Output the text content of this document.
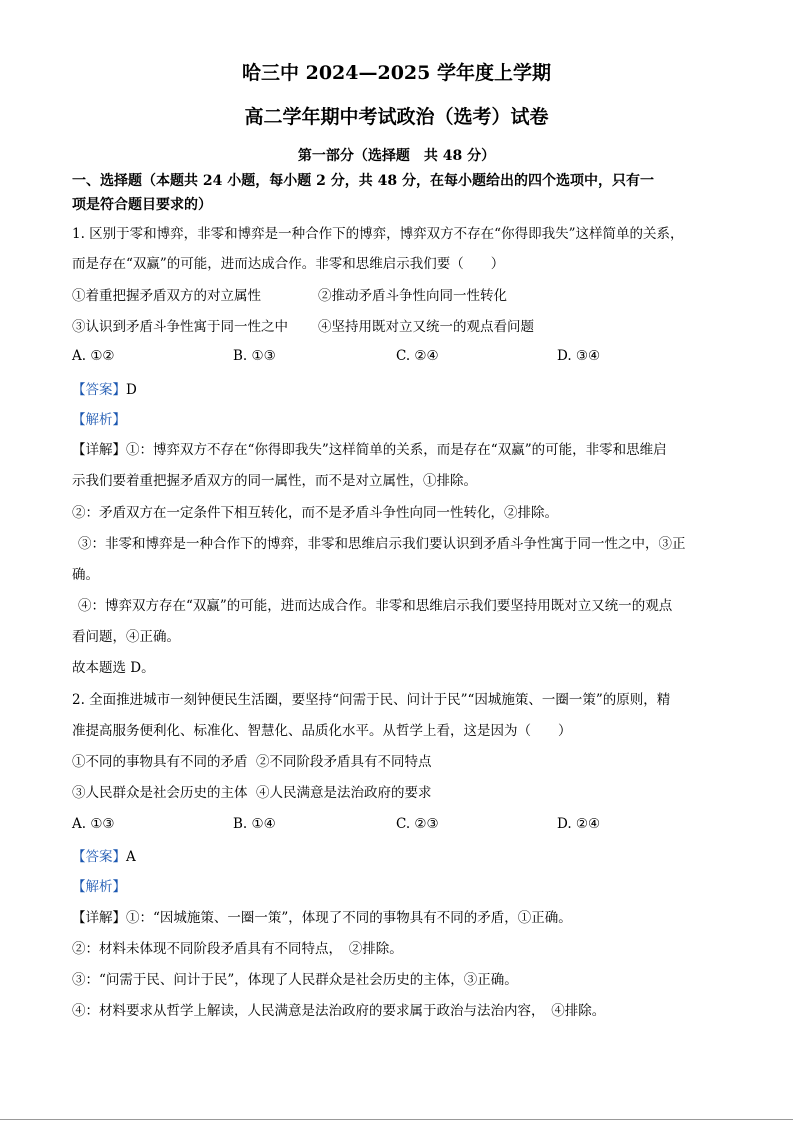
哈三中 2024—2025 学年度上学期
高二学年期中考试政治（选考）试卷
第一部分（选择题　共 48 分）
一、选择题（本题共 24 小题，每小题 2 分，共 48 分，在每小题给出的四个选项中，只有一
项是符合题目要求的）
1. 区别于零和博弈，非零和博弈是一种合作下的博弈，博弈双方不存在“你得即我失”这样简单的关系，
而是存在“双赢”的可能，进而达成合作。非零和思维启示我们要（　　）
①着重把握矛盾双方的对立属性	②推动矛盾斗争性向同一性转化
③认识到矛盾斗争性寓于同一性之中 ④坚持用既对立又统一的观点看问题
A. ①②	B. ①③	C. ②④	D. ③④
【答案】D
【解析】
【详解】①：博弈双方不存在“你得即我失”这样简单的关系，而是存在“双赢”的可能，非零和思维启
示我们要着重把握矛盾双方的同一属性，而不是对立属性，①排除。
②：矛盾双方在一定条件下相互转化，而不是矛盾斗争性向同一性转化，②排除。
③：非零和博弈是一种合作下的博弈，非零和思维启示我们要认识到矛盾斗争性寓于同一性之中，③正
确。
④：博弈双方存在“双赢”的可能，进而达成合作。非零和思维启示我们要坚持用既对立又统一的观点
看问题，④正确。
故本题选 D。
2. 全面推进城市一刻钟便民生活圈，要坚持“问需于民、问计于民”“因城施策、一圈一策”的原则，精
准提高服务便利化、标准化、智慧化、品质化水平。从哲学上看，这是因为（　　）
①不同的事物具有不同的矛盾 ②不同阶段矛盾具有不同特点
③人民群众是社会历史的主体 ④人民满意是法治政府的要求
A. ①③	B. ①④	C. ②③	D. ②④
【答案】A
【解析】
【详解】①：“因城施策、一圈一策”，体现了不同的事物具有不同的矛盾，①正确。
②：材料未体现不同阶段矛盾具有不同特点，　②排除。
③：“问需于民、问计于民”，体现了人民群众是社会历史的主体，③正确。
④：材料要求从哲学上解读，人民满意是法治政府的要求属于政治与法治内容，　④排除。
